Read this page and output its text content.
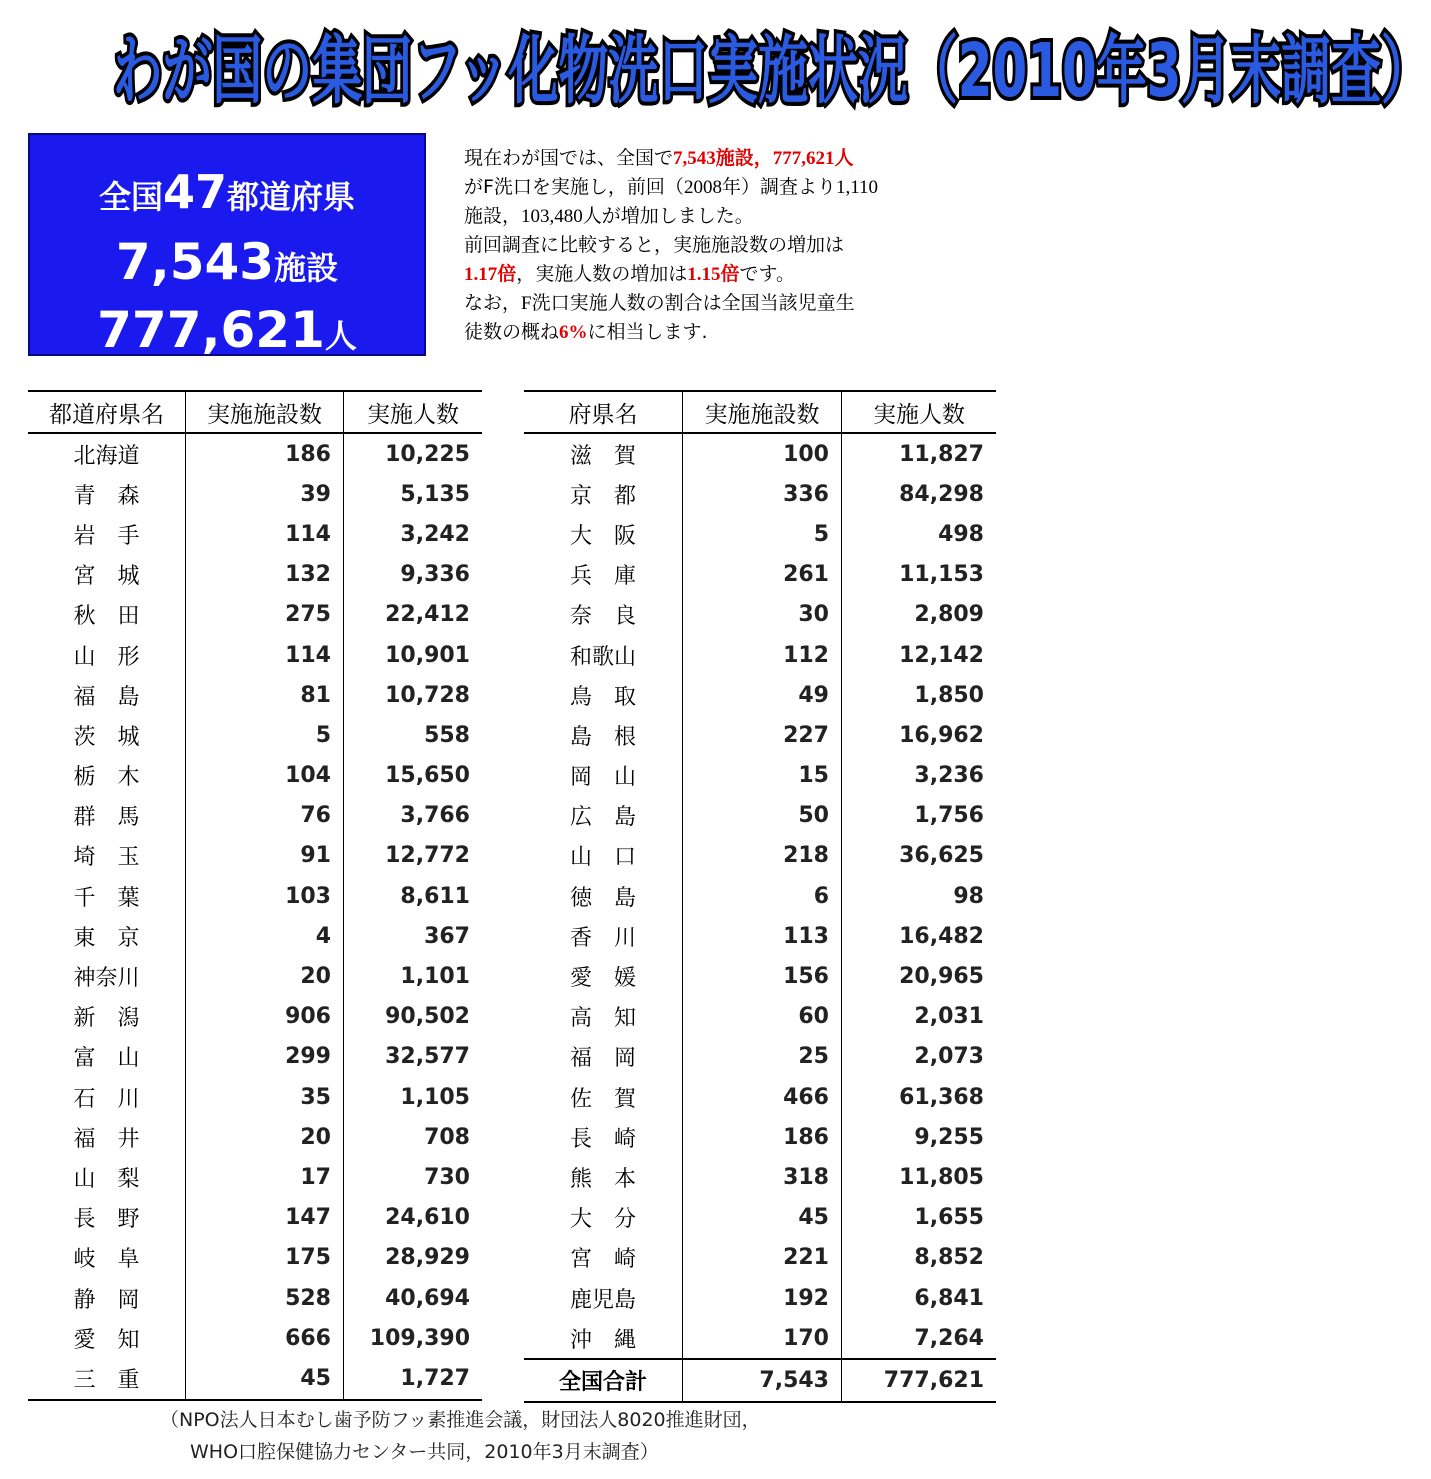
わが国の集団フッ化物洗口実施状況（2010年3月末調査）
全国47都道府県
7,543施設
777,621人
現在わが国では、全国で7,543施設，777,621人
がF洗口を実施し，前回（2008年）調査より1,110
施設，103,480人が増加しました。
前回調査に比較すると，実施施設数の増加は
1.17倍，実施人数の増加は1.15倍です。
なお，F洗口実施人数の割合は全国当該児童生
徒数の概ね6%に相当します.
都道府県名	実施施設数	実施人数
北海道	186	10,225
青　森	39	5,135
岩　手	114	3,242
宮　城	132	9,336
秋　田	275	22,412
山　形	114	10,901
福　島	81	10,728
茨　城	5	558
栃　木	104	15,650
群　馬	76	3,766
埼　玉	91	12,772
千　葉	103	8,611
東　京	4	367
神奈川	20	1,101
新　潟	906	90,502
富　山	299	32,577
石　川	35	1,105
福　井	20	708
山　梨	17	730
長　野	147	24,610
岐　阜	175	28,929
静　岡	528	40,694
愛　知	666	109,390
三　重	45	1,727
府県名	実施施設数	実施人数
滋　賀	100	11,827
京　都	336	84,298
大　阪	5	498
兵　庫	261	11,153
奈　良	30	2,809
和歌山	112	12,142
鳥　取	49	1,850
島　根	227	16,962
岡　山	15	3,236
広　島	50	1,756
山　口	218	36,625
徳　島	6	98
香　川	113	16,482
愛　媛	156	20,965
高　知	60	2,031
福　岡	25	2,073
佐　賀	466	61,368
長　崎	186	9,255
熊　本	318	11,805
大　分	45	1,655
宮　崎	221	8,852
鹿児島	192	6,841
沖　縄	170	7,264
全国合計	7,543	777,621
（NPO法人日本むし歯予防フッ素推進会議，財団法人8020推進財団，
WHO口腔保健協力センター共同，2010年3月末調査）
